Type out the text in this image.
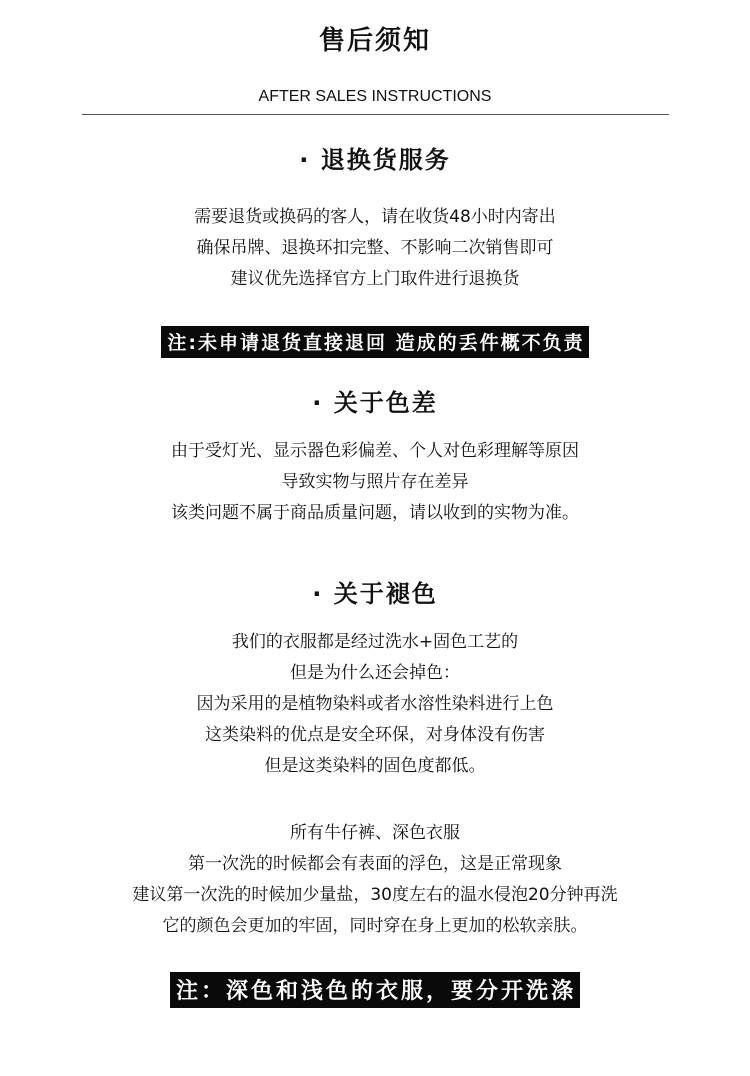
售后须知
AFTER SALES INSTRUCTIONS
· 退换货服务
需要退货或换码的客人，请在收货48小时内寄出
确保吊牌、退换环扣完整、不影响二次销售即可
建议优先选择官方上门取件进行退换货
注:未申请退货直接退回 造成的丢件概不负责
· 关于色差
由于受灯光、显示器色彩偏差、个人对色彩理解等原因
导致实物与照片存在差异
该类问题不属于商品质量问题，请以收到的实物为准。
· 关于褪色
我们的衣服都是经过洗水+固色工艺的
但是为什么还会掉色：
因为采用的是植物染料或者水溶性染料进行上色
这类染料的优点是安全环保，对身体没有伤害
但是这类染料的固色度都低。
所有牛仔裤、深色衣服
第一次洗的时候都会有表面的浮色，这是正常现象
建议第一次洗的时候加少量盐，30度左右的温水侵泡20分钟再洗
它的颜色会更加的牢固，同时穿在身上更加的松软亲肤。
注：深色和浅色的衣服，要分开洗涤
